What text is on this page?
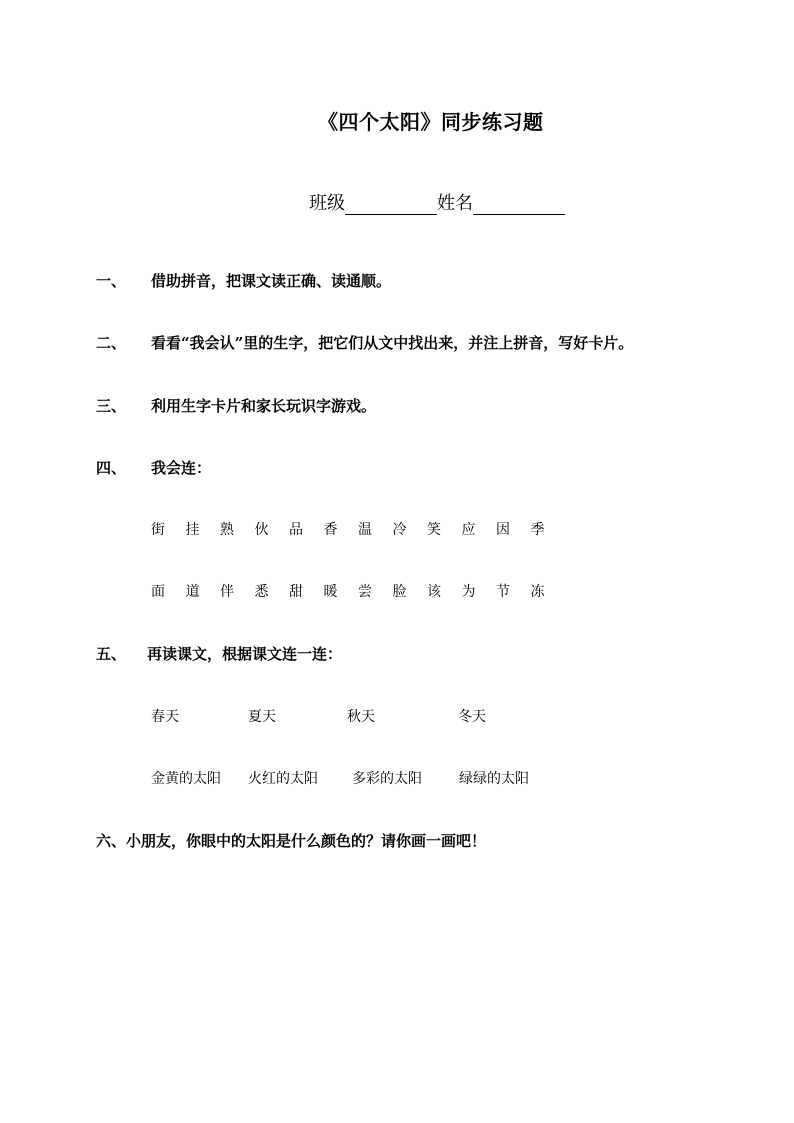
《四个太阳》同步练习题
班级	姓名
一、 借助拼音，把课文读正确、读通顺。
二、 看看“我会认”里的生字，把它们从文中找出来，并注上拼音，写好卡片。
三、 利用生字卡片和家长玩识字游戏。
四、 我会连：
街	挂	熟	伙	品	香	温	冷	笑	应	因	季
面	道	伴	悉	甜	暖	尝	脸	该	为	节	冻
五、 再读课文，根据课文连一连：
春天	夏天	秋天	冬天
金黄的太阳 火红的太阳 多彩的太阳	绿绿的太阳
六、小朋友，你眼中的太阳是什么颜色的？请你画一画吧！
